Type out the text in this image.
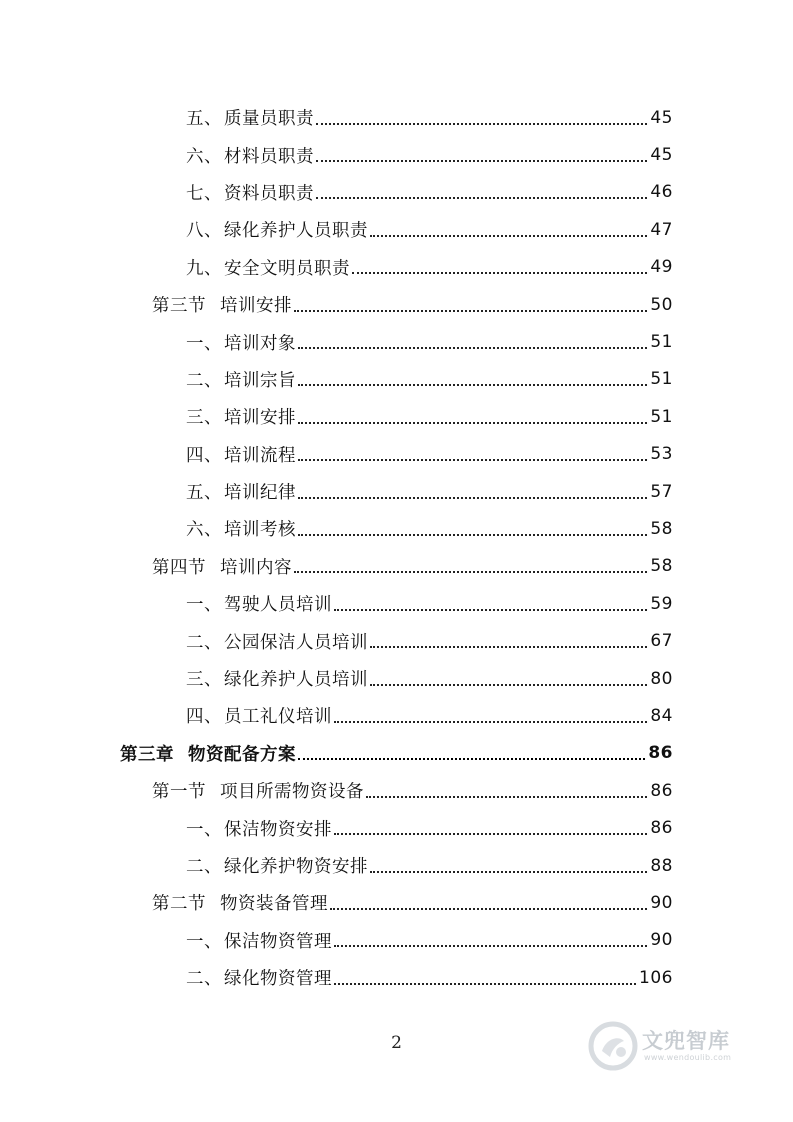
五、 质量员职责	45
六、 材料员职责	45
七、 资料员职责	46
八、 绿化养护人员职责	47
九、 安全文明员职责	49
第三节 培训安排	50
一、 培训对象	51
二、 培训宗旨	51
三、 培训安排	51
四、 培训流程	53
五、 培训纪律	57
六、 培训考核	58
第四节 培训内容	58
一、 驾驶人员培训	59
二、 公园保洁人员培训	67
三、 绿化养护人员培训	80
四、 员工礼仪培训	84
第三章 物资配备方案	86
第一节 项目所需物资设备	86
一、 保洁物资安排	86
二、 绿化养护物资安排	88
第二节 物资装备管理	90
一、 保洁物资管理	90
二、 绿化物资管理	106
2	文兜智库
www.wendoulib.com
